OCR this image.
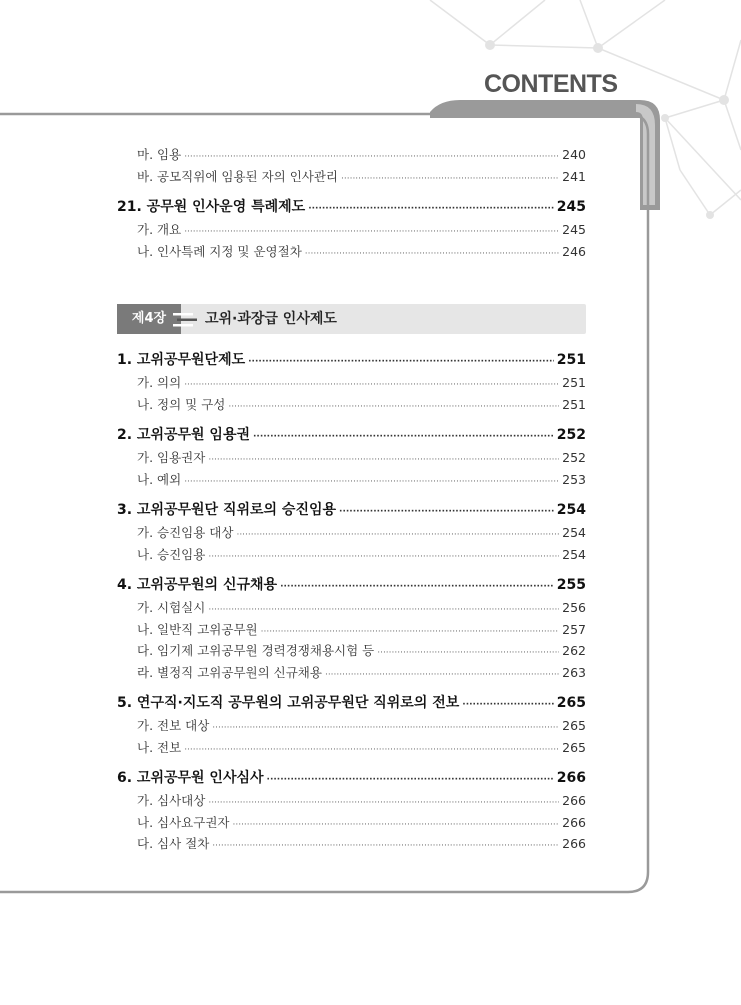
CONTENTS
마. 임용 ·····	240
바. 공모직위에 임용된 자의 인사관리 ·····	241
21. 공무원 인사운영 특례제도 ·····	245
가. 개요 ·····	245
나. 인사특례 지정 및 운영절차 ·····	246
제4장	고위·과장급 인사제도
1. 고위공무원단제도 ·····	251
가. 의의 ·····	251
나. 정의 및 구성 ·····	251
2. 고위공무원 임용권 ·····	252
가. 임용권자 ·····	252
나. 예외 ·····	253
3. 고위공무원단 직위로의 승진임용 ·····	254
가. 승진임용 대상 ·····	254
나. 승진임용 ·····	254
4. 고위공무원의 신규채용 ·····	255
가. 시험실시 ·····	256
나. 일반직 고위공무원 ·····	257
다. 임기제 고위공무원 경력경쟁채용시험 등 ·····	262
라. 별정직 고위공무원의 신규채용 ·····	263
5. 연구직·지도직 공무원의 고위공무원단 직위로의 전보 ·····	265
가. 전보 대상 ·····	265
나. 전보 ·····	265
6. 고위공무원 인사심사 ·····	266
가. 심사대상 ·····	266
나. 심사요구권자 ·····	266
다. 심사 절차 ·····	266
